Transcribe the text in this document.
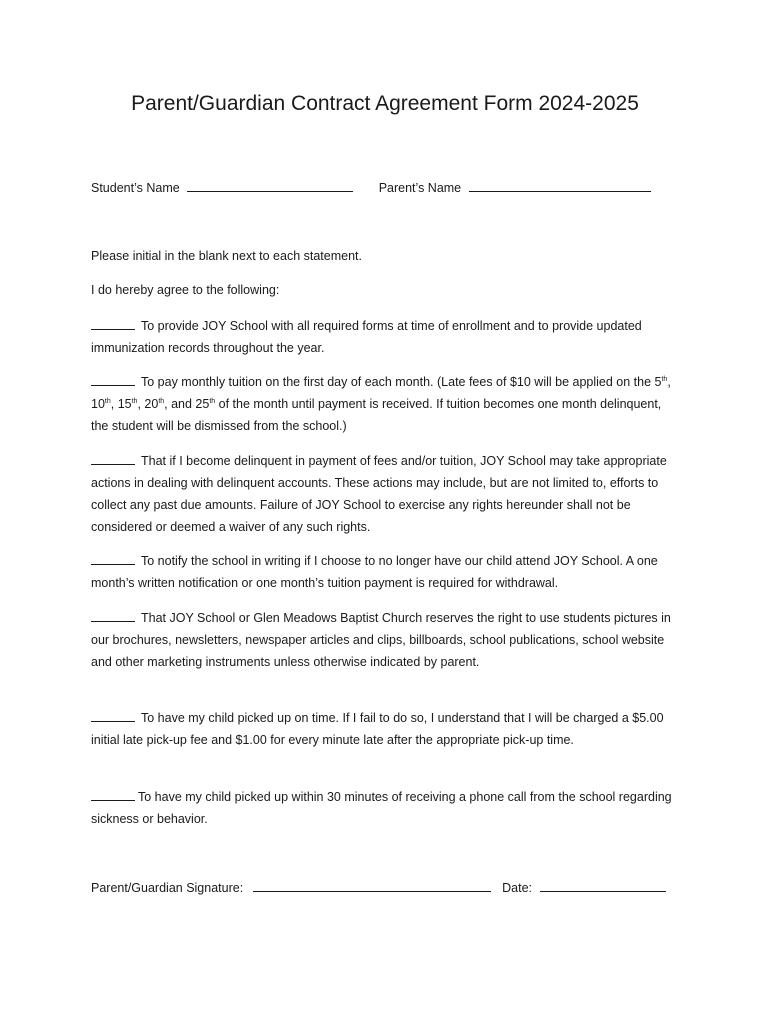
Parent/Guardian Contract Agreement Form 2024-2025
Student’s Name	Parent’s Name
Please initial in the blank next to each statement.
I do hereby agree to the following:
To provide JOY School with all required forms at time of enrollment and to provide updated immunization records throughout the year.
To pay monthly tuition on the first day of each month. (Late fees of $10 will be applied on the 5th, 10th, 15th, 20th, and 25th of the month until payment is received. If tuition becomes one month delinquent, the student will be dismissed from the school.)
That if I become delinquent in payment of fees and/or tuition, JOY School may take appropriate actions in dealing with delinquent accounts. These actions may include, but are not limited to, efforts to collect any past due amounts. Failure of JOY School to exercise any rights hereunder shall not be considered or deemed a waiver of any such rights.
To notify the school in writing if I choose to no longer have our child attend JOY School. A one month’s written notification or one month’s tuition payment is required for withdrawal.
That JOY School or Glen Meadows Baptist Church reserves the right to use students pictures in our brochures, newsletters, newspaper articles and clips, billboards, school publications, school website and other marketing instruments unless otherwise indicated by parent.
To have my child picked up on time. If I fail to do so, I understand that I will be charged a $5.00 initial late pick-up fee and $1.00 for every minute late after the appropriate pick-up time.
To have my child picked up within 30 minutes of receiving a phone call from the school regarding sickness or behavior.
Parent/Guardian Signature:	Date:
